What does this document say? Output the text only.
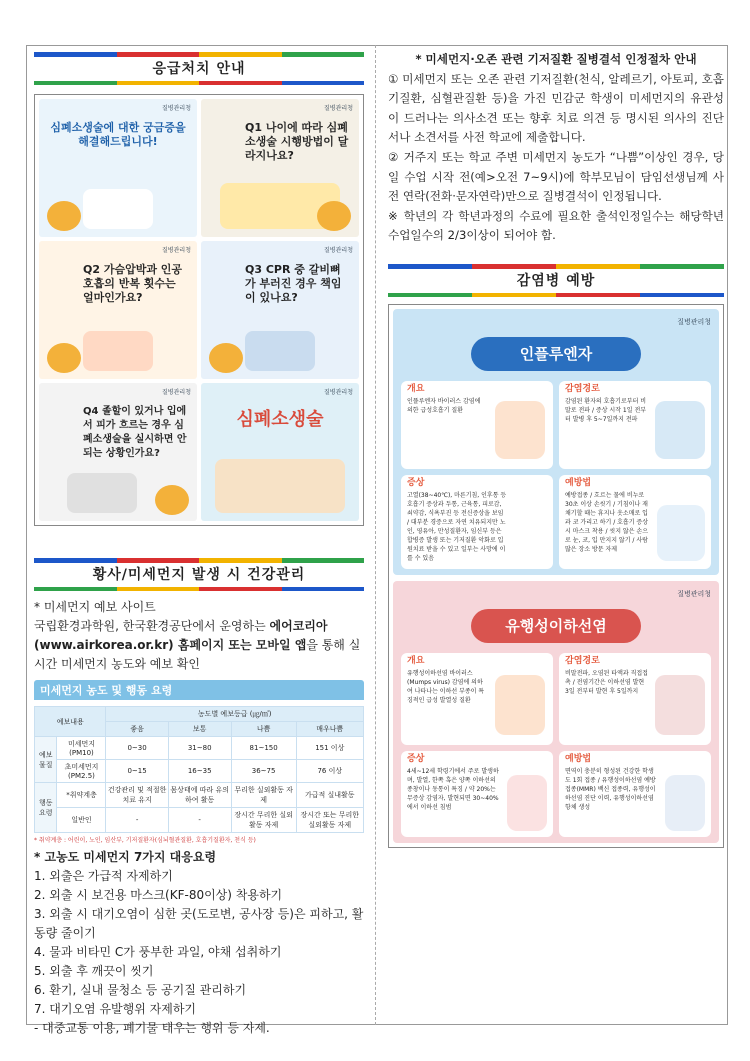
응급처치 안내
질병관리청
심폐소생술에 대한 궁금증을 해결해드립니다!
질병관리청
Q1 나이에 따라 심폐소생술 시행방법이 달라지나요?
질병관리청
Q2 가슴압박과 인공호흡의 반복 횟수는 얼마인가요?
질병관리청
Q3 CPR 중 갈비뼈가 부러진 경우 책임이 있나요?
질병관리청
Q4 졸할이 있거나 입에서 피가 흐르는 경우 심폐소생술을 실시하면 안 되는 상황인가요?
질병관리청
심폐소생술
황사/미세먼지 발생 시 건강관리
* 미세먼지 예보 사이트
국립환경과학원, 한국환경공단에서 운영하는 에어코리아 (www.airkorea.or.kr) 홈페이지 또는 모바일 앱을 통해 실시간 미세먼지 농도와 예보 확인
미세먼지 농도 및 행동 요령
예보내용		농도별 예보등급 (㎍/㎥)			
		좋음	보통	나쁨	매우나쁨
예보 물질	미세먼지(PM10)	0~30	31~80	81~150	151 이상
	초미세먼지(PM2.5)	0~15	16~35	36~75	76 이상
행동 요령	*취약계층	건강관리 및 적절한 치료 유지	몸상태에 따라 유의하여 활동	무리한 실외활동 자제	가급적 실내활동
	일반인	-	-	장시간 무리한 실외활동 자제	장시간 또는 무리한 실외활동 자제
* 취약계층 : 어린이, 노인, 임산부, 기저질환자(심뇌혈관질환, 호흡기질환자, 천식 등)
* 고농도 미세먼지 7가지 대응요령
1. 외출은 가급적 자제하기
2. 외출 시 보건용 마스크(KF-80이상) 착용하기
3. 외출 시 대기오염이 심한 곳(도로변, 공사장 등)은 피하고, 활동량 줄이기
4. 물과 비타민 C가 풍부한 과일, 야채 섭취하기
5. 외출 후 깨끗이 씻기
6. 환기, 실내 물청소 등 공기질 관리하기
7. 대기오염 유발행위 자제하기
- 대중교통 이용, 폐기물 태우는 행위 등 자제.
* 미세먼지·오존 관련 기저질환 질병결석 인정절차 안내
① 미세먼지 또는 오존 관련 기저질환(천식, 알레르기, 아토피, 호흡기질환, 심혈관질환 등)을 가진 민감군 학생이 미세먼지의 유관성이 드러나는 의사소견 또는 향후 치료 의견 등 명시된 의사의 진단서나 소견서를 사전 학교에 제출합니다.
② 거주지 또는 학교 주변 미세먼지 농도가 “나쁨”이상인 경우, 당일 수업 시작 전(예>오전 7~9시)에 학부모님이 담임선생님께 사전 연락(전화·문자연락)만으로 질병결석이 인정됩니다.
※ 학년의 각 학년과정의 수료에 필요한 출석인정일수는 해당학년 수업일수의 2/3이상이 되어야 함.
감염병 예방
질병관리청
인플루엔자
개요
인플루엔자 바이러스 감염에 의한 급성호흡기 질환
감염경로
감염된 환자의 호흡기로부터 비말로 전파 / 증상 시작 1일 전부터 발병 후 5~7일까지 전파
증상
고열(38~40℃), 마른기침, 인후통 등 호흡기 증상과 두통, 근육통, 피로감, 쇠약감, 식욕부진 등 전신증상을 보임 / 대부분 경증으로 자연 치유되지만 노인, 영유아, 만성질환자, 임신부 등은 합병증 발생 또는 기저질환 악화로 입원치료 받을 수 있고 일부는 사망에 이를 수 있음
예방법
예방접종 / 흐르는 물에 비누로 30초 이상 손씻기 / 기침이나 재채기할 때는 휴지나 옷소매로 입과 코 가리고 하기 / 호흡기 증상 시 마스크 착용 / 씻지 않은 손으로 눈, 코, 입 만지지 않기 / 사람 많은 장소 방문 자제
질병관리청
유행성이하선염
개요
유행성이하선염 바이러스 (Mumps virus) 감염에 의하여 나타나는 이하선 부종이 특징적인 급성 발열성 질환
감염경로
비말전파, 오염된 타액과 직접접촉 / 전염기간은 이하선염 발현 3일 전부터 발현 후 5일까지
증상
4세~12세 학령기에서 주로 발생하며, 발열, 한쪽 혹은 양쪽 이하선의 종창이나 동통이 특징 / 약 20%는 무증상 감염자, 발현되면 30~40%에서 이하선 침범
예방법
면역이 충분히 형성된 건강한 학생도 1회 접종 / 유행성이하선염 예방접종(MMR) 백신 접종력, 유행성이하선염 진단 이력, 유행성이하선염 항체 생성
